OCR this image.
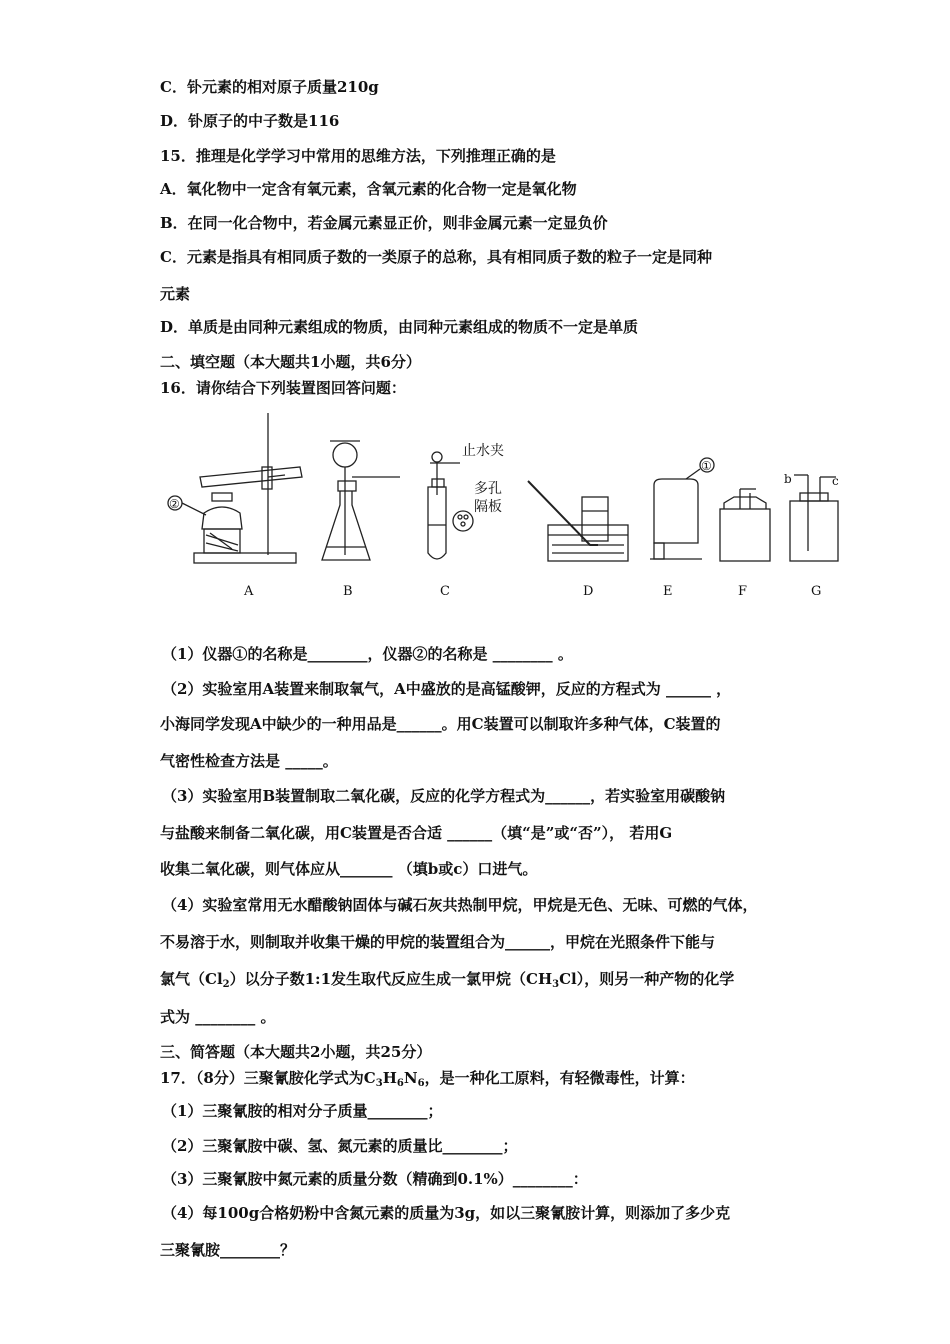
C．钋元素的相对原子质量210g
D．钋原子的中子数是116
15．推理是化学学习中常用的思维方法，下列推理正确的是
A．氧化物中一定含有氧元素，含氧元素的化合物一定是氧化物
B．在同一化合物中，若金属元素显正价，则非金属元素一定显负价
C．元素是指具有相同质子数的一类原子的总称，具有相同质子数的粒子一定是同种
元素
D．单质是由同种元素组成的物质，由同种元素组成的物质不一定是单质
二、填空题（本大题共1小题，共6分）
16．请你结合下列装置图回答问题：
②
止水夹
多孔
隔板
①
b	c
A	B	C	D	E	F	G
（1）仪器①的名称是________，仪器②的名称是 ________ 。
（2）实验室用A装置来制取氧气，A中盛放的是高锰酸钾，反应的方程式为 ______ ，
小海同学发现A中缺少的一种用品是______。用C装置可以制取许多种气体，C装置的
气密性检查方法是 _____。
（3）实验室用B装置制取二氧化碳，反应的化学方程式为______，若实验室用碳酸钠
与盐酸来制备二氧化碳，用C装置是否合适 ______（填“是”或“否”）， 若用G
收集二氧化碳，则气体应从_______ （填b或c）口进气。
（4）实验室常用无水醋酸钠固体与碱石灰共热制甲烷，甲烷是无色、无味、可燃的气体，
不易溶于水，则制取并收集干燥的甲烷的装置组合为______，甲烷在光照条件下能与
氯气$(Cl_2)$以分子数1:1发生取代反应生成一氯甲烷$(CH_3Cl)$，则另一种产物的化学
式为 ________ 。
三、简答题（本大题共2小题，共25分）
17．（8分）三聚氰胺化学式为$C_3H_6N_6$，是一种化工原料，有轻微毒性，计算：
（1）三聚氰胺的相对分子质量________；
（2）三聚氰胺中碳、氢、氮元素的质量比________；
（3）三聚氰胺中氮元素的质量分数（精确到0.1%）________：
（4）每100g合格奶粉中含氮元素的质量为3g，如以三聚氰胺计算，则添加了多少克
三聚氰胺________？
